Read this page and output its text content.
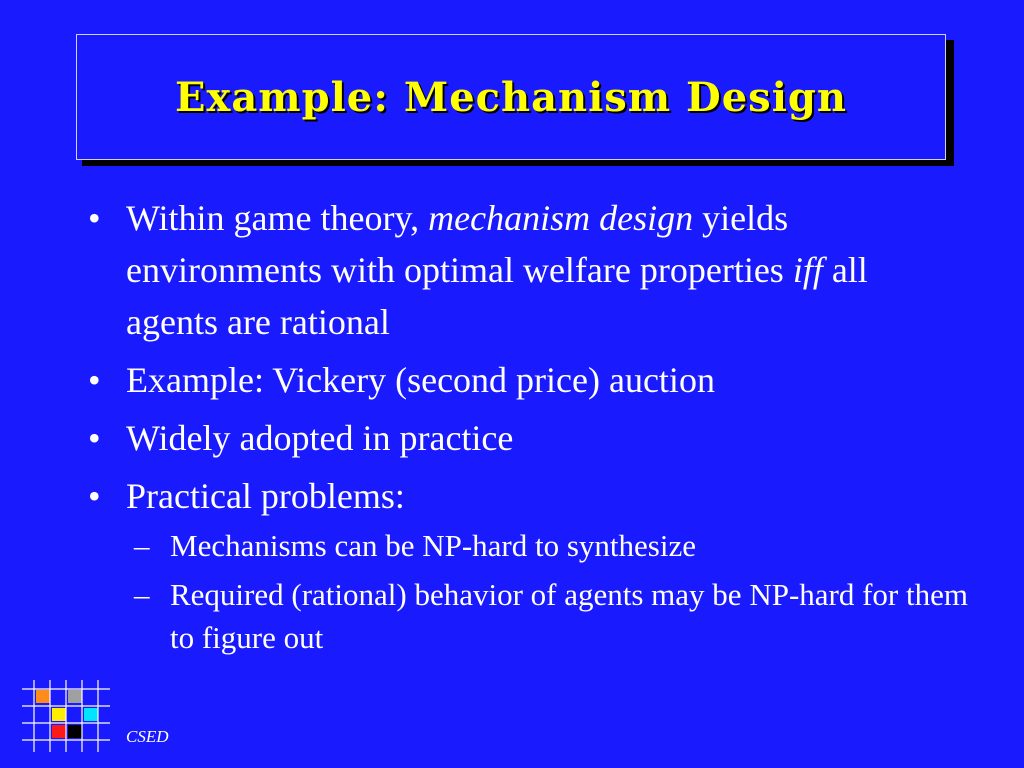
Example: Mechanism Design
• Within game theory, mechanism design yields environments with optimal welfare properties iff all agents are rational
• Example: Vickery (second price) auction
• Widely adopted in practice
• Practical problems:
– Mechanisms can be NP-hard to synthesize
– Required (rational) behavior of agents may be NP-hard for them to figure out
CSED
